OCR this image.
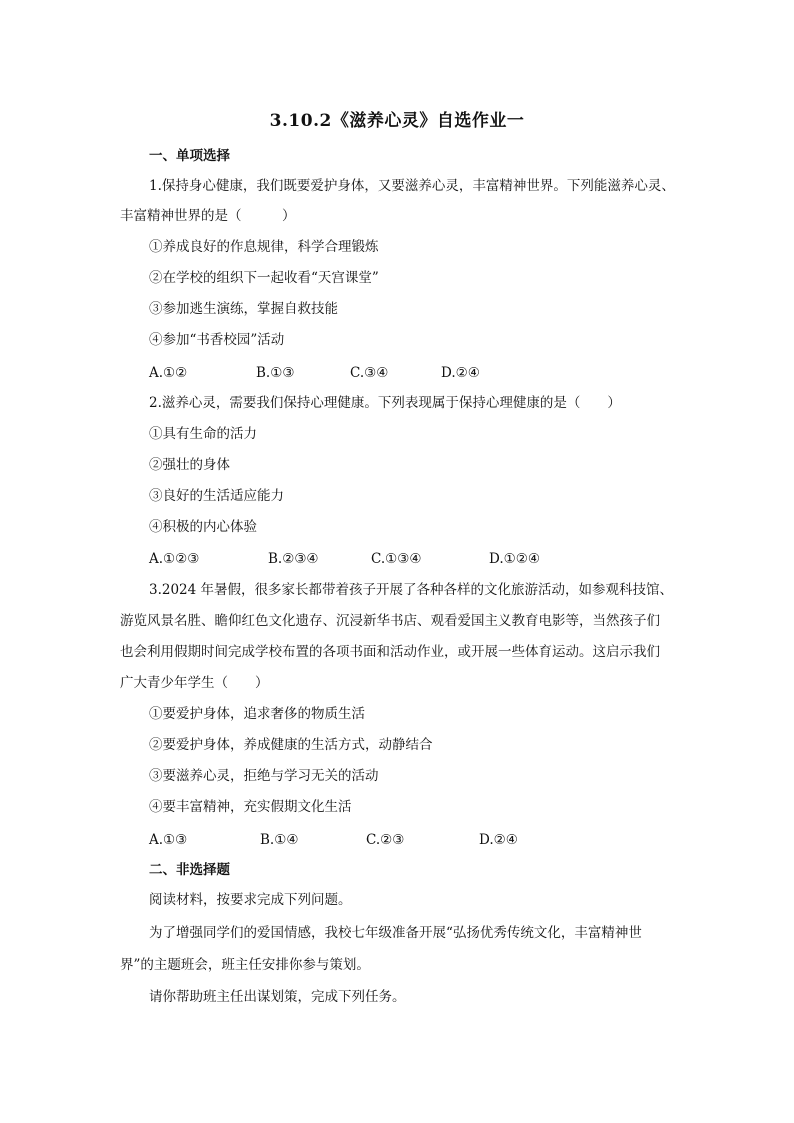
3.10.2《滋养心灵》自选作业一
一、单项选择
1.保持身心健康，我们既要爱护身体，又要滋养心灵，丰富精神世界。下列能滋养心灵、
丰富精神世界的是（　　　）
①养成良好的作息规律，科学合理锻炼
②在学校的组织下一起收看“天宫课堂”
③参加逃生演练，掌握自救技能
④参加“书香校园”活动
A.①②	B.①③	C.③④	D.②④
2.滋养心灵，需要我们保持心理健康。下列表现属于保持心理健康的是（　　）
①具有生命的活力
②强壮的身体
③良好的生活适应能力
④积极的内心体验
A.①②③	B.②③④	C.①③④	D.①②④
3.2024 年暑假，很多家长都带着孩子开展了各种各样的文化旅游活动，如参观科技馆、
游览风景名胜、瞻仰红色文化遗存、沉浸新华书店、观看爱国主义教育电影等，当然孩子们
也会利用假期时间完成学校布置的各项书面和活动作业，或开展一些体育运动。这启示我们
广大青少年学生（　　）
①要爱护身体，追求奢侈的物质生活
②要爱护身体，养成健康的生活方式，动静结合
③要滋养心灵，拒绝与学习无关的活动
④要丰富精神，充实假期文化生活
A.①③	B.①④	C.②③	D.②④
二、非选择题
阅读材料，按要求完成下列问题。
为了增强同学们的爱国情感，我校七年级准备开展“弘扬优秀传统文化，丰富精神世
界”的主题班会，班主任安排你参与策划。
请你帮助班主任出谋划策，完成下列任务。
